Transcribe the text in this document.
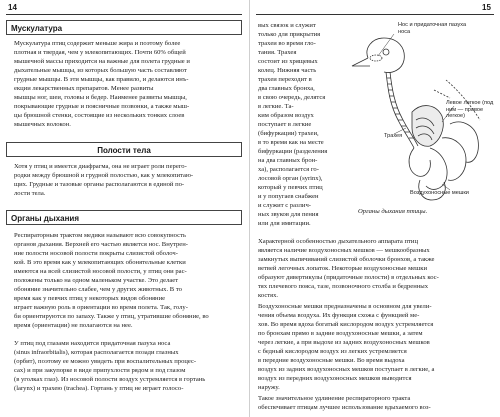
14
Мускулатура
Мускулатура птиц содержит меньше жира и поэтому более
плотная и твердая, чем у млекопитающих. Почти 60% общей
мышечной массы приходится на важные для полета грудные и
дыхательные мышцы, из которых большую часть составляют
грудные мышцы. В эти мышцы, как правило, и делаются инъ-
екции лекарственных препаратов. Менее развиты
мышцы ног, шеи, головы и бедер. Наименее развиты мышцы,
покрывающие грудные и поясничные позвонки, а также мыш-
цы брюшной стенки, состоящие из нескольких тонких слоев
мышечных волокон.
Полости тела
Хотя у птиц и имеется диафрагма, она не играет роли перего-
родки между брюшной и грудной полостью, как у млекопитаю-
щих. Грудные и тазовые органы располагаются в единой по-
лости тела.
Органы дыхания
Респираторным трактом медики называют всю совокупность
органов дыхания. Верхней его частью является нос. Внутрен-
ние полости носовой полости покрыты слизистой оболоч-
кой. В это время как у млекопитающих обонятельные клетки
имеются на всей слизистой носовой полости, у птиц они рас-
положены только на одном маленьком участке. Это делает
обоняние значительно слабее, чем у других животных. В то
время как у певчих птиц у некоторых видов обоняние
играет важную роль в ориентации во время полета. Так, голу-
би ориентируются по запаху. Также у птиц, утратившие обоняние, во
время (ориентации) не полагаются на нее.
У птиц под глазами находится придаточная пазуха носа
(sinus infraorbitalis), которая располагается позади глазных
(орбит), поэтому ее можно увидеть при воспалительных процес-
сах) и при закупорке в виде припухлости рядом и под глазом
(в уголках глаз). Из носовой полости воздух устремляется в гортань
(larynx) и трахею (trachea). Гортань у птиц не играет голосо-
15
вых связок и служит
только для прикрытия
трахеи во время гло-
тания. Трахея
состоит из хрящевых
колец. Нижняя часть
трахеи переходит в
два главных бронха,
в свою очередь, делятся
в легкие. Та-
ким образом воздух
поступает в легкие
(бифуркации) трахеи,
в то время как на месте
бифуркации (разделения
на два главных брон-
ха), располагается го-
лосовой орган (syrinx),
который у певчих птиц
и у попугаев снабжен
и служит с различ-
ных звуков для пения
или для имитации.
Нос и придаточная пазуха носа
Левое легкое (под ним — правое легкое)
Трахея
Воздухоносные мешки
Органы дыхания птицы.
Характерной особенностью дыхательного аппарата птиц
является наличие воздухоносных мешков — мешкообразных
замкнутых выпячиваний слизистой оболочки бронхов, а также
ветвей легочных лопаток. Некоторые воздухоносные мешки
образуют дивертикулы (придаточные полости) в отдельных кос-
тях плечевого пояса, тазе, позвоночного столба и бедренных
костях.
Воздухоносные мешки предназначены в основном для увели-
чения объема воздуха. Их функция схожа с функцией ме-
хов. Во время вдоха богатый кислородом воздух устремляется
по бронхам прямо в задние воздухоносные мешки, а затем
через легкие, а при выдохе из задних воздухоносных мешков
с бедный кислородом воздух из легких устремляется
в передние воздухоносные мешки. Во время выдоха
воздух из задних воздухоносных мешков поступает в легкие, а
воздух из передних воздухоносных мешков выводится
наружу.
Такое значительное удлинение респираторного тракта
обеспечивает птицам лучшее использование вдыхаемого воз-
